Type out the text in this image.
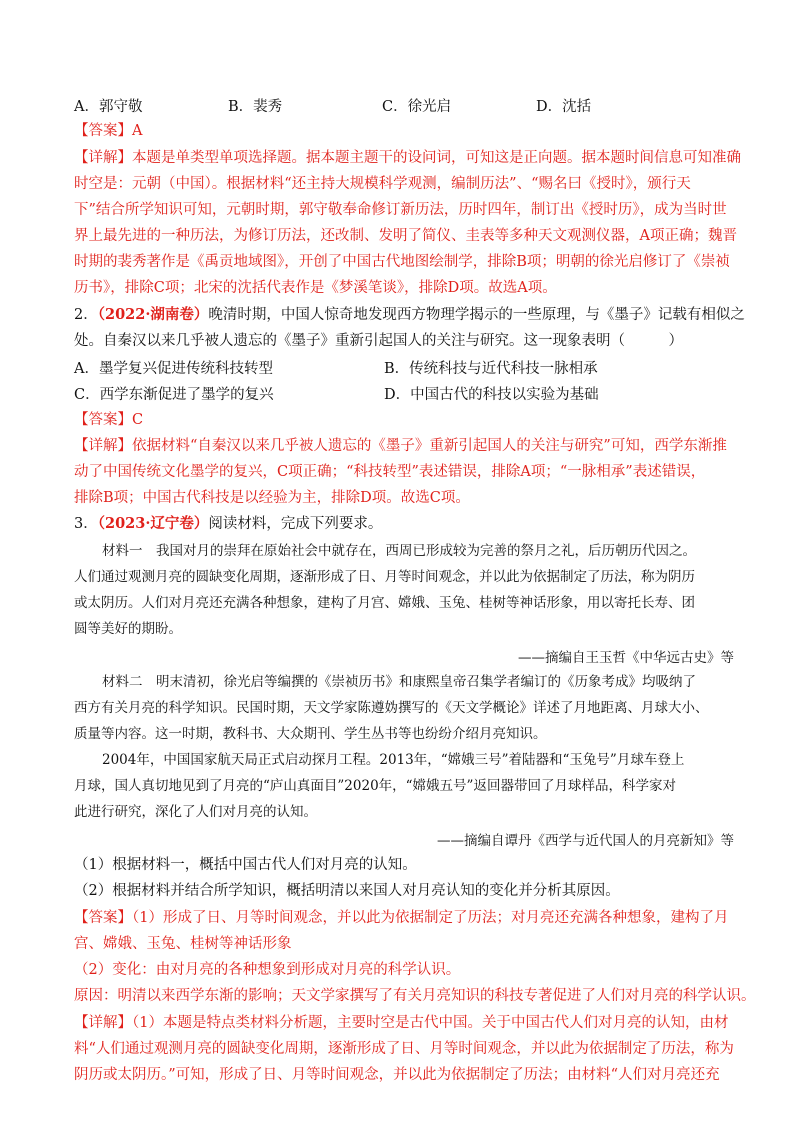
A．郭守敬	B．裴秀	C．徐光启	D．沈括
【答案】A
【详解】本题是单类型单项选择题。据本题主题干的设问词，可知这是正向题。据本题时间信息可知准确
时空是：元朝（中国）。根据材料“还主持大规模科学观测，编制历法”、“赐名曰《授时》，颁行天
下”结合所学知识可知，元朝时期，郭守敬奉命修订新历法，历时四年，制订出《授时历》，成为当时世
界上最先进的一种历法，为修订历法，还改制、发明了简仪、圭表等多种天文观测仪器，A项正确；魏晋
时期的裴秀著作是《禹贡地域图》，开创了中国古代地图绘制学，排除B项；明朝的徐光启修订了《崇祯
历书》，排除C项；北宋的沈括代表作是《梦溪笔谈》，排除D项。故选A项。
2．（2022·湖南卷）晚清时期，中国人惊奇地发现西方物理学揭示的一些原理，与《墨子》记载有相似之
处。自秦汉以来几乎被人遗忘的《墨子》重新引起国人的关注与研究。这一现象表明（　　　）
A．墨学复兴促进传统科技转型	B．传统科技与近代科技一脉相承
C．西学东渐促进了墨学的复兴	D．中国古代的科技以实验为基础
【答案】C
【详解】依据材料“自秦汉以来几乎被人遗忘的《墨子》重新引起国人的关注与研究”可知，西学东渐推
动了中国传统文化墨学的复兴，C项正确；“科技转型”表述错误，排除A项；“一脉相承”表述错误，
排除B项；中国古代科技是以经验为主，排除D项。故选C项。
3．（2023·辽宁卷）阅读材料，完成下列要求。
材料一　我国对月的崇拜在原始社会中就存在，西周已形成较为完善的祭月之礼，后历朝历代因之。
人们通过观测月亮的圆缺变化周期，逐渐形成了日、月等时间观念，并以此为依据制定了历法，称为阴历
或太阴历。人们对月亮还充满各种想象，建构了月宫、嫦娥、玉兔、桂树等神话形象，用以寄托长寿、团
圆等美好的期盼。
——摘编自王玉哲《中华远古史》等
材料二　明末清初，徐光启等编撰的《崇祯历书》和康熙皇帝召集学者编订的《历象考成》均吸纳了
西方有关月亮的科学知识。民国时期，天文学家陈遵妫撰写的《天文学概论》详述了月地距离、月球大小、
质量等内容。这一时期，教科书、大众期刊、学生丛书等也纷纷介绍月亮知识。
2004年，中国国家航天局正式启动探月工程。2013年，“嫦娥三号”着陆器和“玉兔号”月球车登上
月球，国人真切地见到了月亮的“庐山真面目”2020年，“嫦娥五号”返回器带回了月球样品，科学家对
此进行研究，深化了人们对月亮的认知。
——摘编自谭丹《西学与近代国人的月亮新知》等
（1）根据材料一，概括中国古代人们对月亮的认知。
（2）根据材料并结合所学知识，概括明清以来国人对月亮认知的变化并分析其原因。
【答案】（1）形成了日、月等时间观念，并以此为依据制定了历法；对月亮还充满各种想象，建构了月
宫、嫦娥、玉兔、桂树等神话形象
（2）变化：由对月亮的各种想象到形成对月亮的科学认识。
原因：明清以来西学东渐的影响；天文学家撰写了有关月亮知识的科技专著促进了人们对月亮的科学认识。
【详解】（1）本题是特点类材料分析题，主要时空是古代中国。关于中国古代人们对月亮的认知，由材
料“人们通过观测月亮的圆缺变化周期，逐渐形成了日、月等时间观念，并以此为依据制定了历法，称为
阴历或太阴历。”可知，形成了日、月等时间观念，并以此为依据制定了历法；由材料“人们对月亮还充
